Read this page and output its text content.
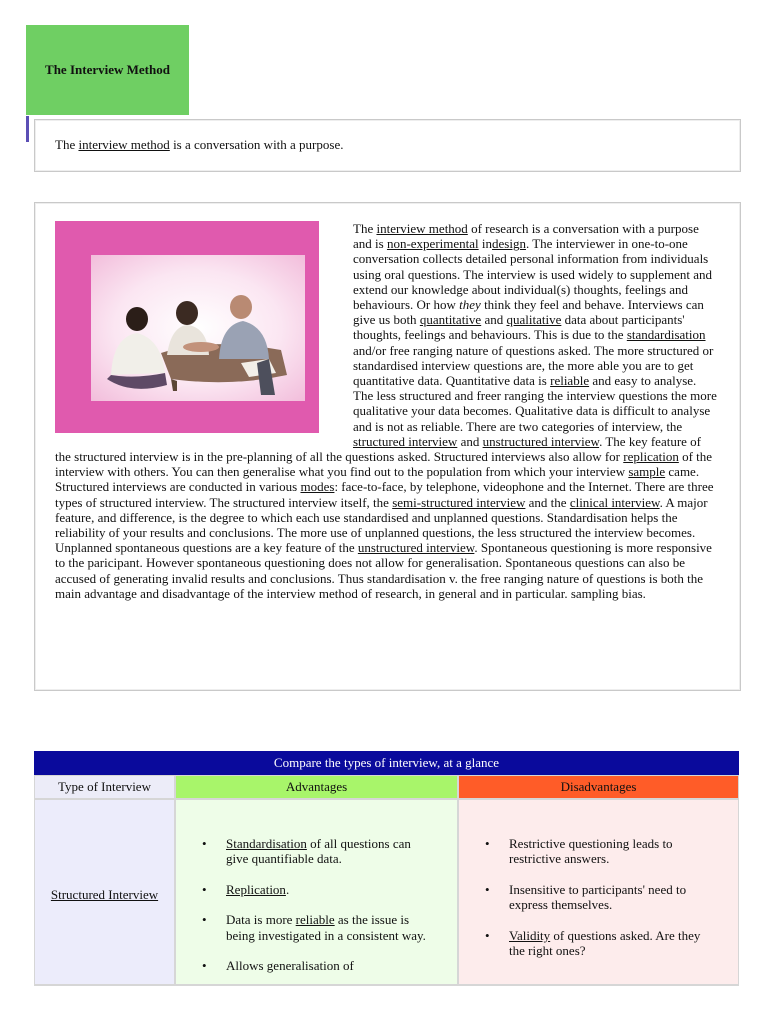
The Interview Method
The interview method is a conversation with a purpose.
The interview method of research is a conversation with a purpose and is non-experimental indesign. The interviewer in one-to-one conversation collects detailed personal information from individuals using oral questions. The interview is used widely to supplement and extend our knowledge about individual(s) thoughts, feelings and behaviours. Or how they think they feel and behave. Interviews can give us both quantitative and qualitative data about participants' thoughts, feelings and behaviours. This is due to the standardisation and/or free ranging nature of questions asked. The more structured or standardised interview questions are, the more able you are to get quantitative data. Quantitative data is reliable and easy to analyse. The less structured and freer ranging the interview questions the more qualitative your data becomes. Qualitative data is difficult to analyse and is not as reliable. There are two categories of interview, the structured interview and unstructured interview. The key feature of the structured interview is in the pre-planning of all the questions asked. Structured interviews also allow for replication of the interview with others. You can then generalise what you find out to the population from which your interview sample came. Structured interviews are conducted in various modes: face-to-face, by telephone, videophone and the Internet. There are three types of structured interview. The structured interview itself, the semi-structured interview and the clinical interview. A major feature, and difference, is the degree to which each use standardised and unplanned questions. Standardisation helps the reliability of your results and conclusions. The more use of unplanned questions, the less structured the interview becomes. Unplanned spontaneous questions are a key feature of the unstructured interview. Spontaneous questioning is more responsive to the paricipant. However spontaneous questioning does not allow for generalisation. Spontaneous questions can also be accused of generating invalid results and conclusions. Thus standardisation v. the free ranging nature of questions is both the main advantage and disadvantage of the interview method of research, in general and in particular. sampling bias.
Compare the types of interview, at a glance
Type of Interview	Advantages	Disadvantages
Structured Interview
• Standardisation of all questions can give quantifiable data.
• Replication.
• Data is more reliable as the issue is being investigated in a consistent way.
• Allows generalisation of
• Restrictive questioning leads to restrictive answers.
• Insensitive to participants' need to express themselves.
• Validity of questions asked. Are they the right ones?
